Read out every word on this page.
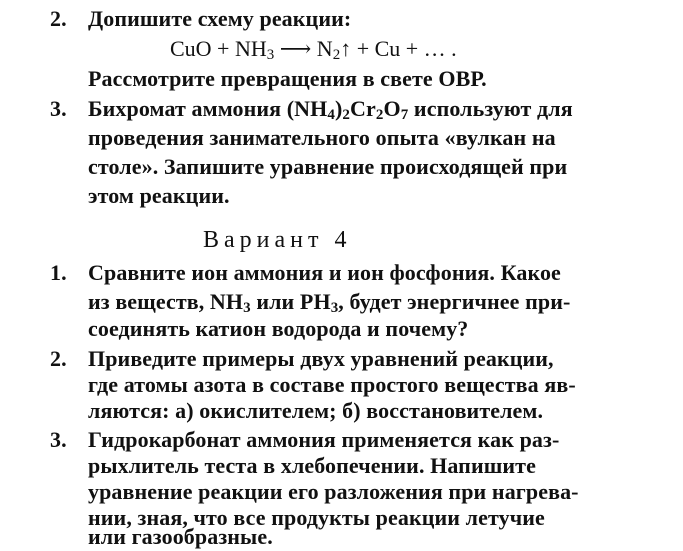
2. Допишите схему реакции:
CuO + $NH_3$ ⟶ $N_2↑ + Cu$ + … .
Рассмотрите превращения в свете ОВР.
3. Бихромат аммония $(NH_4)_2Cr_2O_7$ используют для
проведения занимательного опыта «вулкан на
столе». Запишите уравнение происходящей при
этом реакции.
Вариант 4
1. Сравните ион аммония и ион фосфония. Какое
из веществ, $NH_3$ или $PH_3$, будет энергичнее при-
соединять катион водорода и почему?
2. Приведите примеры двух уравнений реакции,
где атомы азота в составе простого вещества яв-
ляются: а) окислителем; б) восстановителем.
3. Гидрокарбонат аммония применяется как раз-
рыхлитель теста в хлебопечении. Напишите
уравнение реакции его разложения при нагрева-
нии, зная, что все продукты реакции летучие
или газообразные.
